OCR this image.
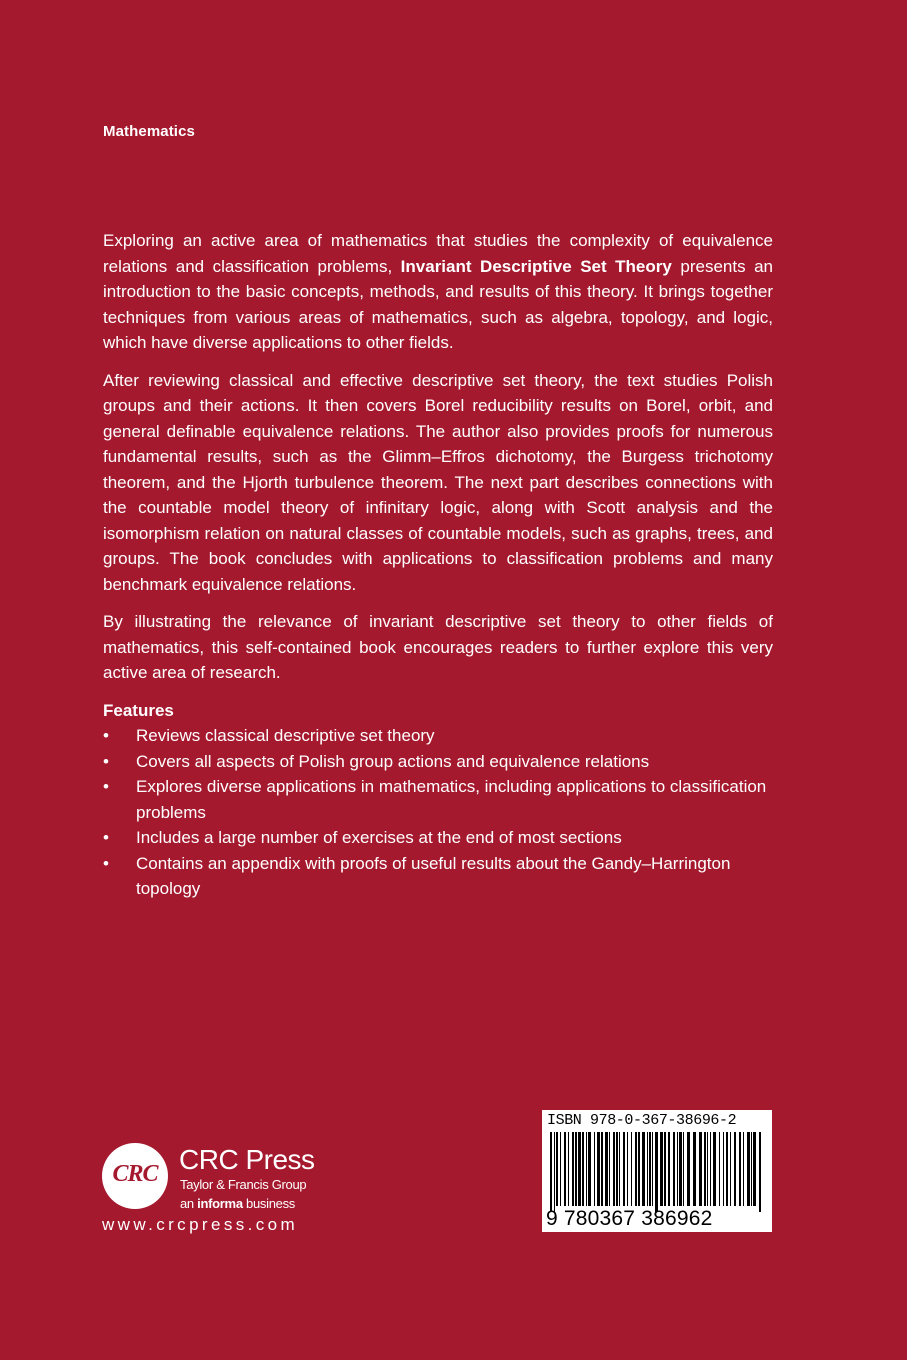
Mathematics

Exploring an active area of mathematics that studies the complexity of equivalence relations and classification problems, Invariant Descriptive Set Theory presents an introduction to the basic concepts, methods, and results of this theory. It brings together techniques from various areas of mathematics, such as algebra, topology, and logic, which have diverse applications to other fields.

After reviewing classical and effective descriptive set theory, the text studies Polish groups and their actions. It then covers Borel reducibility results on Borel, orbit, and general definable equivalence relations. The author also provides proofs for numerous fundamental results, such as the Glimm–Effros dichotomy, the Burgess trichotomy theorem, and the Hjorth turbulence theorem. The next part describes connections with the countable model theory of infinitary logic, along with Scott analysis and the isomorphism relation on natural classes of countable models, such as graphs, trees, and groups. The book concludes with applications to classification problems and many benchmark equivalence relations.

By illustrating the relevance of invariant descriptive set theory to other fields of mathematics, this self-contained book encourages readers to further explore this very active area of research.

Features
• Reviews classical descriptive set theory
• Covers all aspects of Polish group actions and equivalence relations
• Explores diverse applications in mathematics, including applications to classification problems
• Includes a large number of exercises at the end of most sections
• Contains an appendix with proofs of useful results about the Gandy–Harrington topology
CRC CRC Press
Taylor & Francis Group
an informa business
www.crcpress.com
ISBN 978-0-367-38696-2
9 780367 386962
